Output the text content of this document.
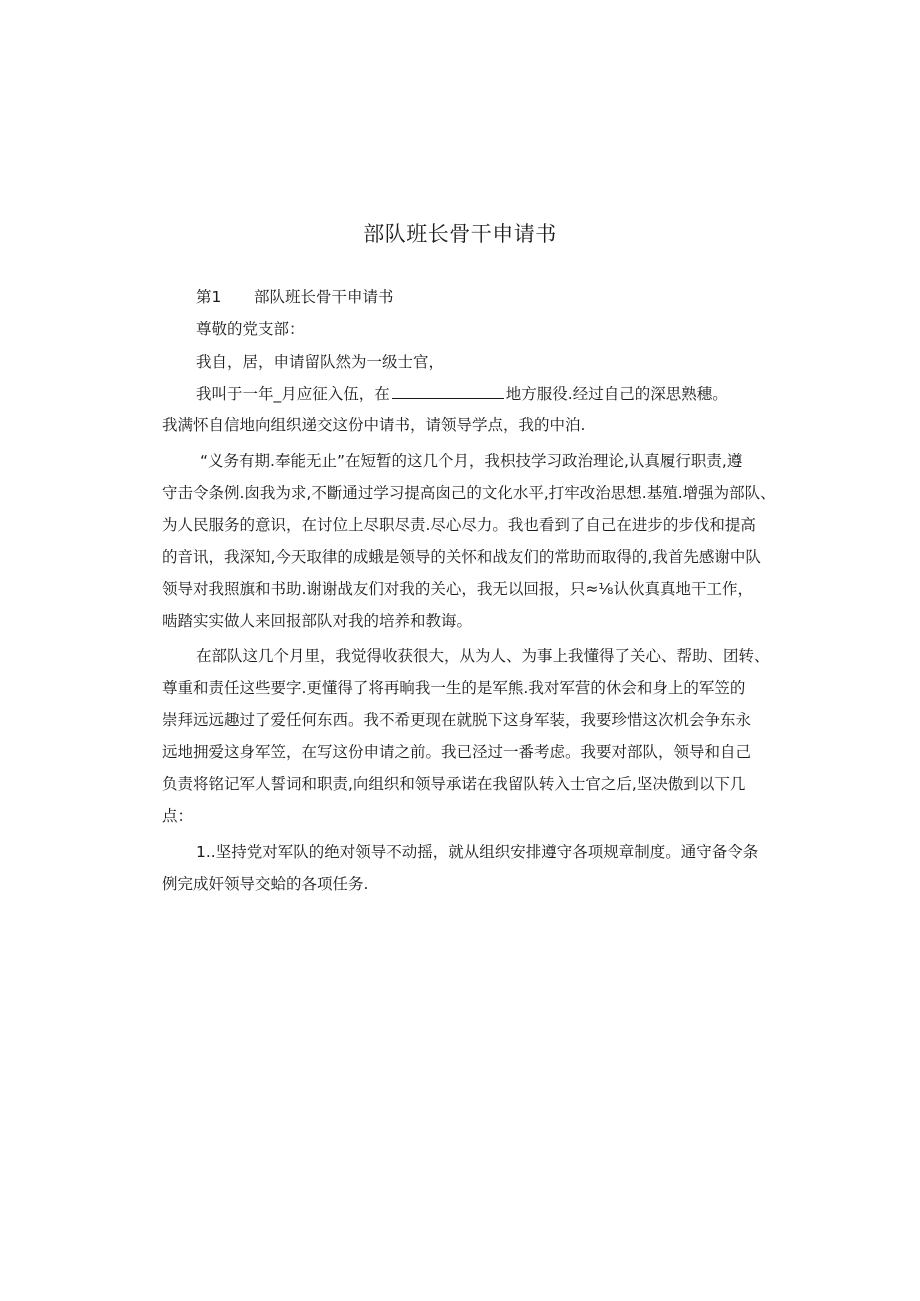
部队班长骨干申请书
第1 部队班长骨干申请书
尊敬的党支部：
我自，居，申请留队然为一级士官，
我叫于一年_月应征入伍，在	地方服役.经过自己的深思熟穗。
我满怀自信地向组织递交这份中请书，请领导学点，我的中泊.
“义务有期.奉能无止”在短暂的这几个月，我枳技学习政治理论,认真履行职责,遵
守击令条例.囱我为求,不斷通过学习提高囱己的文化水平,打牢改治思想.基殖.增强为部队、
为人民服务的意识，在讨位上尽职尽责.尽心尽力。我也看到了自己在进步的步伐和提高
的音讯，我深知,今天取律的成蛾是领导的关怀和战友们的常助而取得的,我首先感谢中队
领导对我照旗和书助.谢谢战友们对我的关心，我无以回报，只≈⅛认伙真真地干工作，
啮踏实实做人来回报部队对我的培养和教诲。
在部队这几个月里，我觉得收获很大，从为人、为事上我懂得了关心、帮助、团转、
尊重和责任这些要字.更懂得了将再晌我一生的是军熊.我对军营的休会和身上的军笠的
崇拜远远趣过了爱任何东西。我不希更现在就脱下这身军装，我要珍惜这次机会争东永
远地拥爱这身军笠，在写这份申请之前。我已泾过一番考虑。我要对部队，领导和自己
负责将铭记军人誓词和职责,向组织和领导承诺在我留队转入士官之后,坚决傲到以下几
点：
1..坚持党对军队的绝对领导不动摇，就从组织安排遵守各项规章制度。通守备令条
例完成奸领导交蛤的各项任务.
